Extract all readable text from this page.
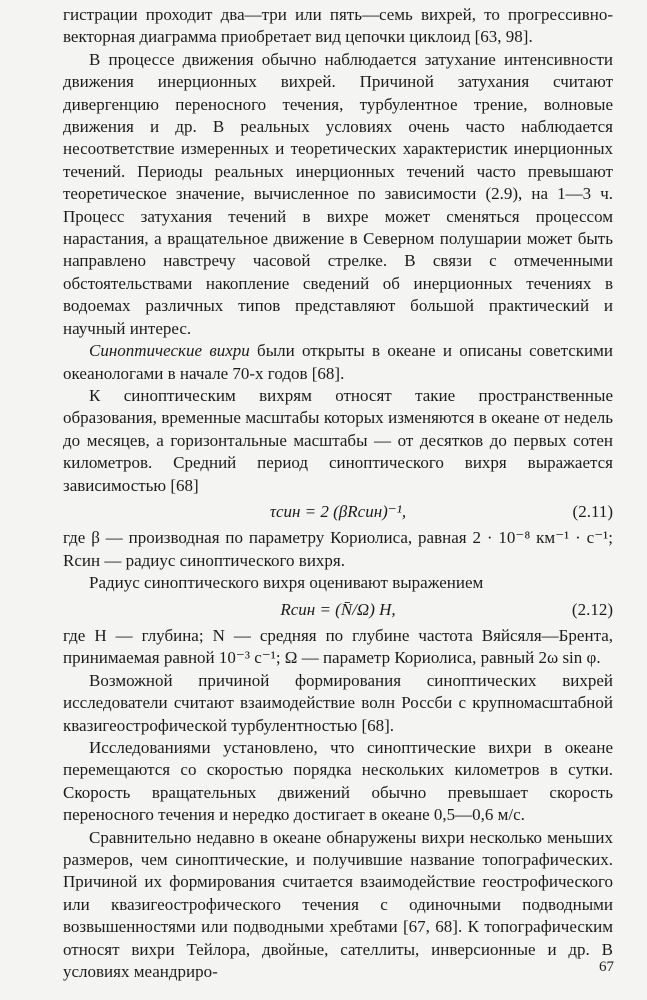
гистрации проходит два—три или пять—семь вихрей, то прогрессивно-векторная диаграмма приобретает вид цепочки циклоид [63, 98].

В процессе движения обычно наблюдается затухание интенсивности движения инерционных вихрей. Причиной затухания считают дивергенцию переносного течения, турбулентное трение, волновые движения и др. В реальных условиях очень часто наблюдается несоответствие измеренных и теоретических характеристик инерционных течений. Периоды реальных инерционных течений часто превышают теоретическое значение, вычисленное по зависимости (2.9), на 1—3 ч. Процесс затухания течений в вихре может сменяться процессом нарастания, а вращательное движение в Северном полушарии может быть направлено навстречу часовой стрелке. В связи с отмеченными обстоятельствами накопление сведений об инерционных течениях в водоемах различных типов представляют большой практический и научный интерес.

Синоптические вихри были открыты в океане и описаны советскими океанологами в начале 70-х годов [68].

К синоптическим вихрям относят такие пространственные образования, временные масштабы которых изменяются в океане от недель до месяцев, а горизонтальные масштабы — от десятков до первых сотен километров. Средний период синоптического вихря выражается зависимостью [68]

τсин = 2 (βRсин)⁻¹,	(2.11)

где β — производная по параметру Кориолиса, равная 2 · 10⁻⁸ км⁻¹ · с⁻¹; Rсин — радиус синоптического вихря.

Радиус синоптического вихря оценивают выражением

Rсин = (N̄/Ω) H,	(2.12)

где H — глубина; N — средняя по глубине частота Вяйсяля—Брента, принимаемая равной 10⁻³ с⁻¹; Ω — параметр Кориолиса, равный 2ω sin φ.

Возможной причиной формирования синоптических вихрей исследователи считают взаимодействие волн Россби с крупномасштабной квазигеострофической турбулентностью [68].

Исследованиями установлено, что синоптические вихри в океане перемещаются со скоростью порядка нескольких километров в сутки. Скорость вращательных движений обычно превышает скорость переносного течения и нередко достигает в океане 0,5—0,6 м/с.

Сравнительно недавно в океане обнаружены вихри несколько меньших размеров, чем синоптические, и получившие название топографических. Причиной их формирования считается взаимодействие геострофического или квазигеострофического течения с одиночными подводными возвышенностями или подводными хребтами [67, 68]. К топографическим относят вихри Тейлора, двойные, сателлиты, инверсионные и др. В условиях меандриро-	67
